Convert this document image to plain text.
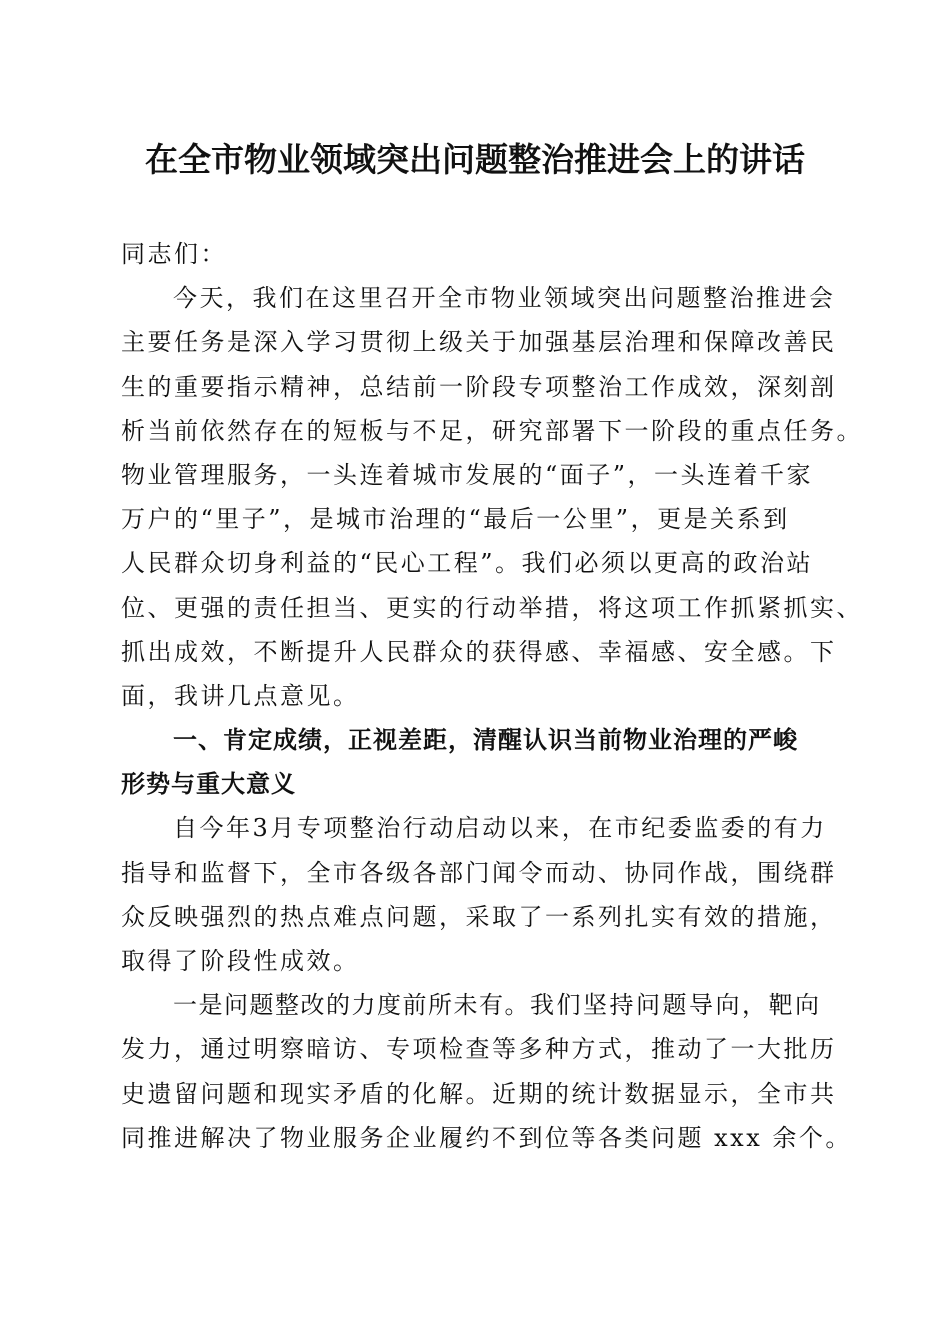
在全市物业领域突出问题整治推进会上的讲话
同志们：
今天，我们在这里召开全市物业领域突出问题整治推进会
主要任务是深入学习贯彻上级关于加强基层治理和保障改善民
生的重要指示精神，总结前一阶段专项整治工作成效，深刻剖
析当前依然存在的短板与不足，研究部署下一阶段的重点任务。
物业管理服务，一头连着城市发展的“面子”，一头连着千家
万户的“里子”，是城市治理的“最后一公里”，更是关系到
人民群众切身利益的“民心工程”。我们必须以更高的政治站
位、更强的责任担当、更实的行动举措，将这项工作抓紧抓实、
抓出成效，不断提升人民群众的获得感、幸福感、安全感。下
面，我讲几点意见。
一、肯定成绩，正视差距，清醒认识当前物业治理的严峻
形势与重大意义
自今年3月专项整治行动启动以来，在市纪委监委的有力
指导和监督下，全市各级各部门闻令而动、协同作战，围绕群
众反映强烈的热点难点问题，采取了一系列扎实有效的措施，
取得了阶段性成效。
一是问题整改的力度前所未有。我们坚持问题导向，靶向
发力，通过明察暗访、专项检查等多种方式，推动了一大批历
史遗留问题和现实矛盾的化解。近期的统计数据显示，全市共
同推进解决了物业服务企业履约不到位等各类问题 xxx 余个。
